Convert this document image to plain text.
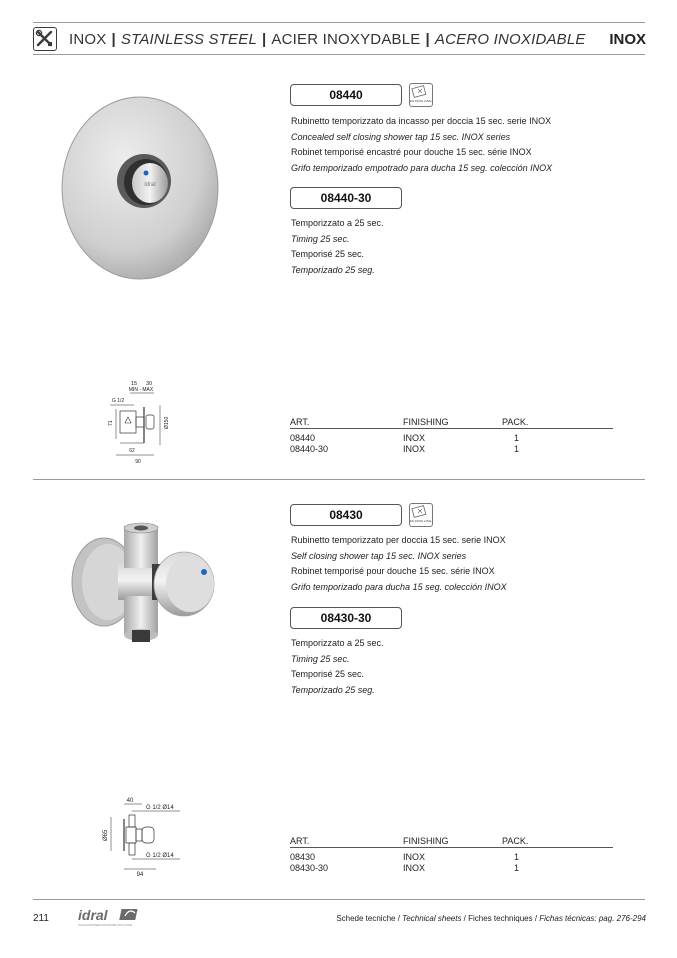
INOX | STAINLESS STEEL | ACIER INOXYDABLE | ACERO INOXIDABLE INOX
idral
08440	EN 15091 A BAL
Rubinetto temporizzato da incasso per doccia 15 sec. serie INOX
Concealed self closing shower tap 15 sec. INOX series
Robinet temporisé encastré pour douche 15 sec. série INOX
Grifo temporizado empotrado para ducha 15 seg. colección INOX
08440-30
Temporizzato a 25 sec.
Timing 25 sec.
Temporisé 25 sec.
Temporizado 25 seg.
15 30
MIN - MAX
G 1/2
71	Ø150
62
90
ART.	FINISHING	PACK.
08440	INOX	1
08440-30	INOX	1
08430	EN 15091 A BAL
Rubinetto temporizzato per doccia 15 sec. serie INOX
Self closing shower tap 15 sec. INOX series
Robinet temporisé pour douche 15 sec. série INOX
Grifo temporizado para ducha 15 seg. colección INOX
08430-30
Temporizzato a 25 sec.
Timing 25 sec.
Temporisé 25 sec.
Temporizado 25 seg.
40
G 1/2 Ø14
Ø65
G 1/2 Ø14
94
ART.	FINISHING	PACK.
08430	INOX	1
08430-30	INOX	1
211 idral
ITALIAN PARTNER FOR WATER SOLUTIONS
Schede tecniche / Technical sheets / Fiches techniques / Fichas técnicas: pag. 276-294
